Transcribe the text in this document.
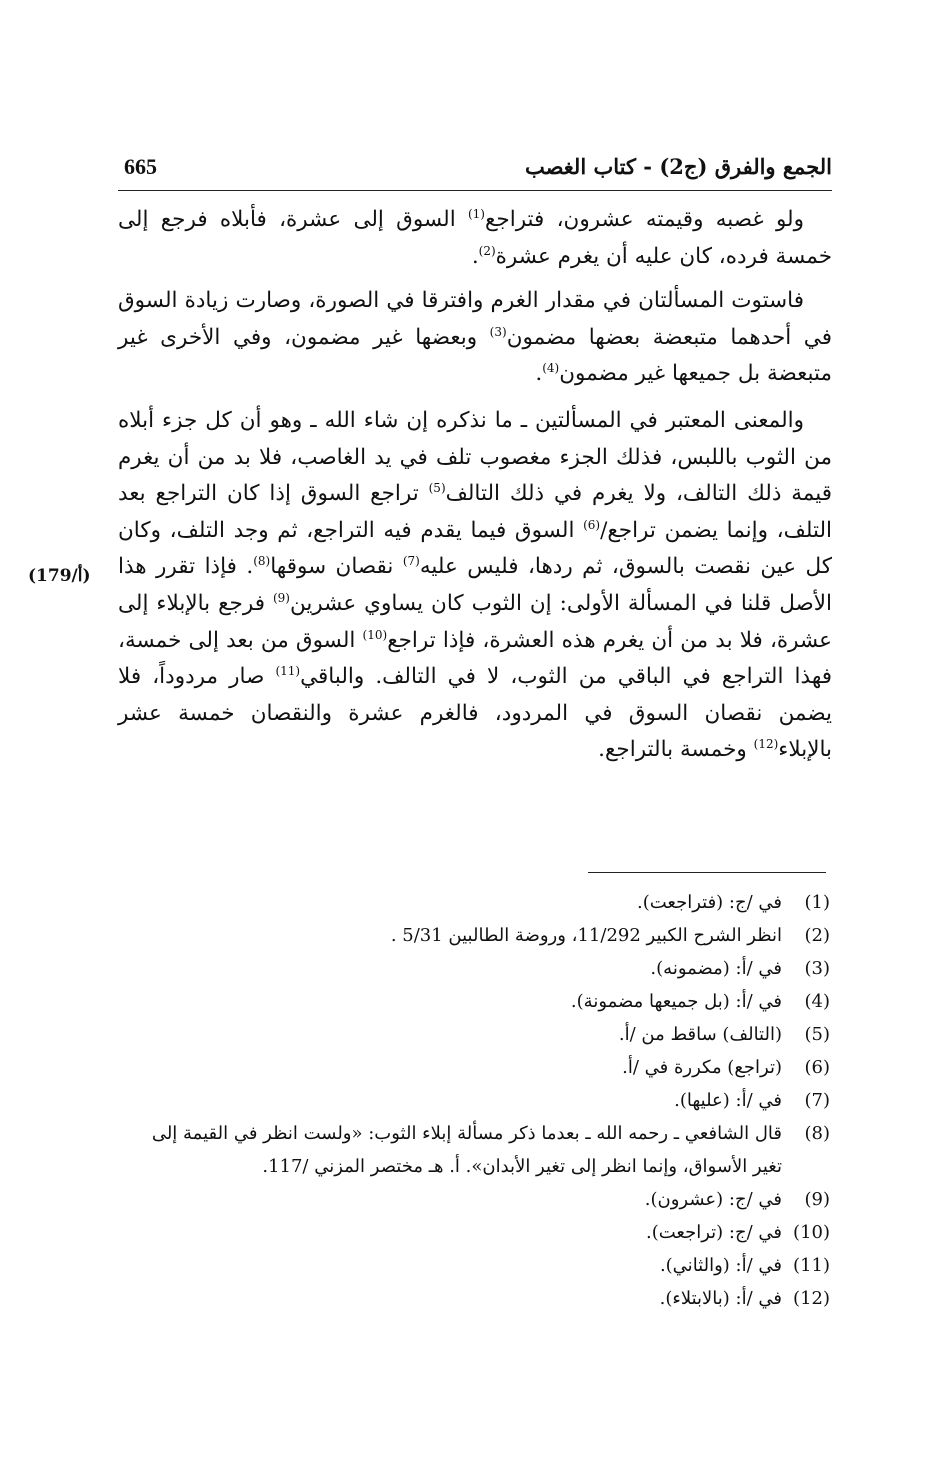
665	الجمع والفرق (ج2) - كتاب الغصب

ولو غصبه وقيمته عشرون، فتراجع$^{(1)}$ السوق إلى عشرة، فأبلاه فرجع إلى خمسة فرده، كان عليه أن يغرم عشرة$^{(2)}$.

فاستوت المسألتان في مقدار الغرم وافترقا في الصورة، وصارت زيادة السوق في أحدهما متبعضة بعضها مضمون$^{(3)}$ وبعضها غير مضمون، وفي الأخرى غير متبعضة بل جميعها غير مضمون$^{(4)}$.

والمعنى المعتبر في المسألتين ـ ما نذكره إن شاء الله ـ وهو أن كل جزء أبلاه من الثوب باللبس، فذلك الجزء مغصوب تلف في يد الغاصب، فلا بد من أن يغرم قيمة ذلك التالف، ولا يغرم في ذلك التالف$^{(5)}$ تراجع السوق إذا كان التراجع بعد التلف، وإنما يضمن تراجع/$^{(6)}$ السوق فيما يقدم فيه التراجع، ثم وجد التلف، وكان كل عين نقصت بالسوق، ثم ردها، فليس عليه$^{(7)}$ نقصان سوقها$^{(8)}$. فإذا تقرر هذا الأصل قلنا في المسألة الأولى: إن الثوب كان يساوي عشرين$^{(9)}$ فرجع بالإبلاء إلى عشرة، فلا بد من أن يغرم هذه العشرة، فإذا تراجع$^{(10)}$ السوق من بعد إلى خمسة، فهذا التراجع في الباقي من الثوب، لا في التالف. والباقي$^{(11)}$ صار مردوداً، فلا يضمن نقصان السوق في المردود، فالغرم عشرة والنقصان خمسة عشر بالإبلاء$^{(12)}$ وخمسة بالتراجع.

(179/أ)
(1)
في /ج: (فتراجعت).
(2)
انظر الشرح الكبير 11/292، وروضة الطالبين 5/31 .
(3)
في /أ: (مضمونه).
(4)
في /أ: (بل جميعها مضمونة).
(5)
(التالف) ساقط من /أ.
(6)
(تراجع) مكررة في /أ.
(7)
في /أ: (عليها).
(8)
قال الشافعي ـ رحمه الله ـ بعدما ذكر مسألة إبلاء الثوب: «ولست انظر في القيمة إلى تغير الأسواق، وإنما انظر إلى تغير الأبدان». أ. هـ مختصر المزني /117.
(9)
في /ج: (عشرون).
(10)
في /ج: (تراجعت).
(11)
في /أ: (والثاني).
(12)
في /أ: (بالابتلاء).
